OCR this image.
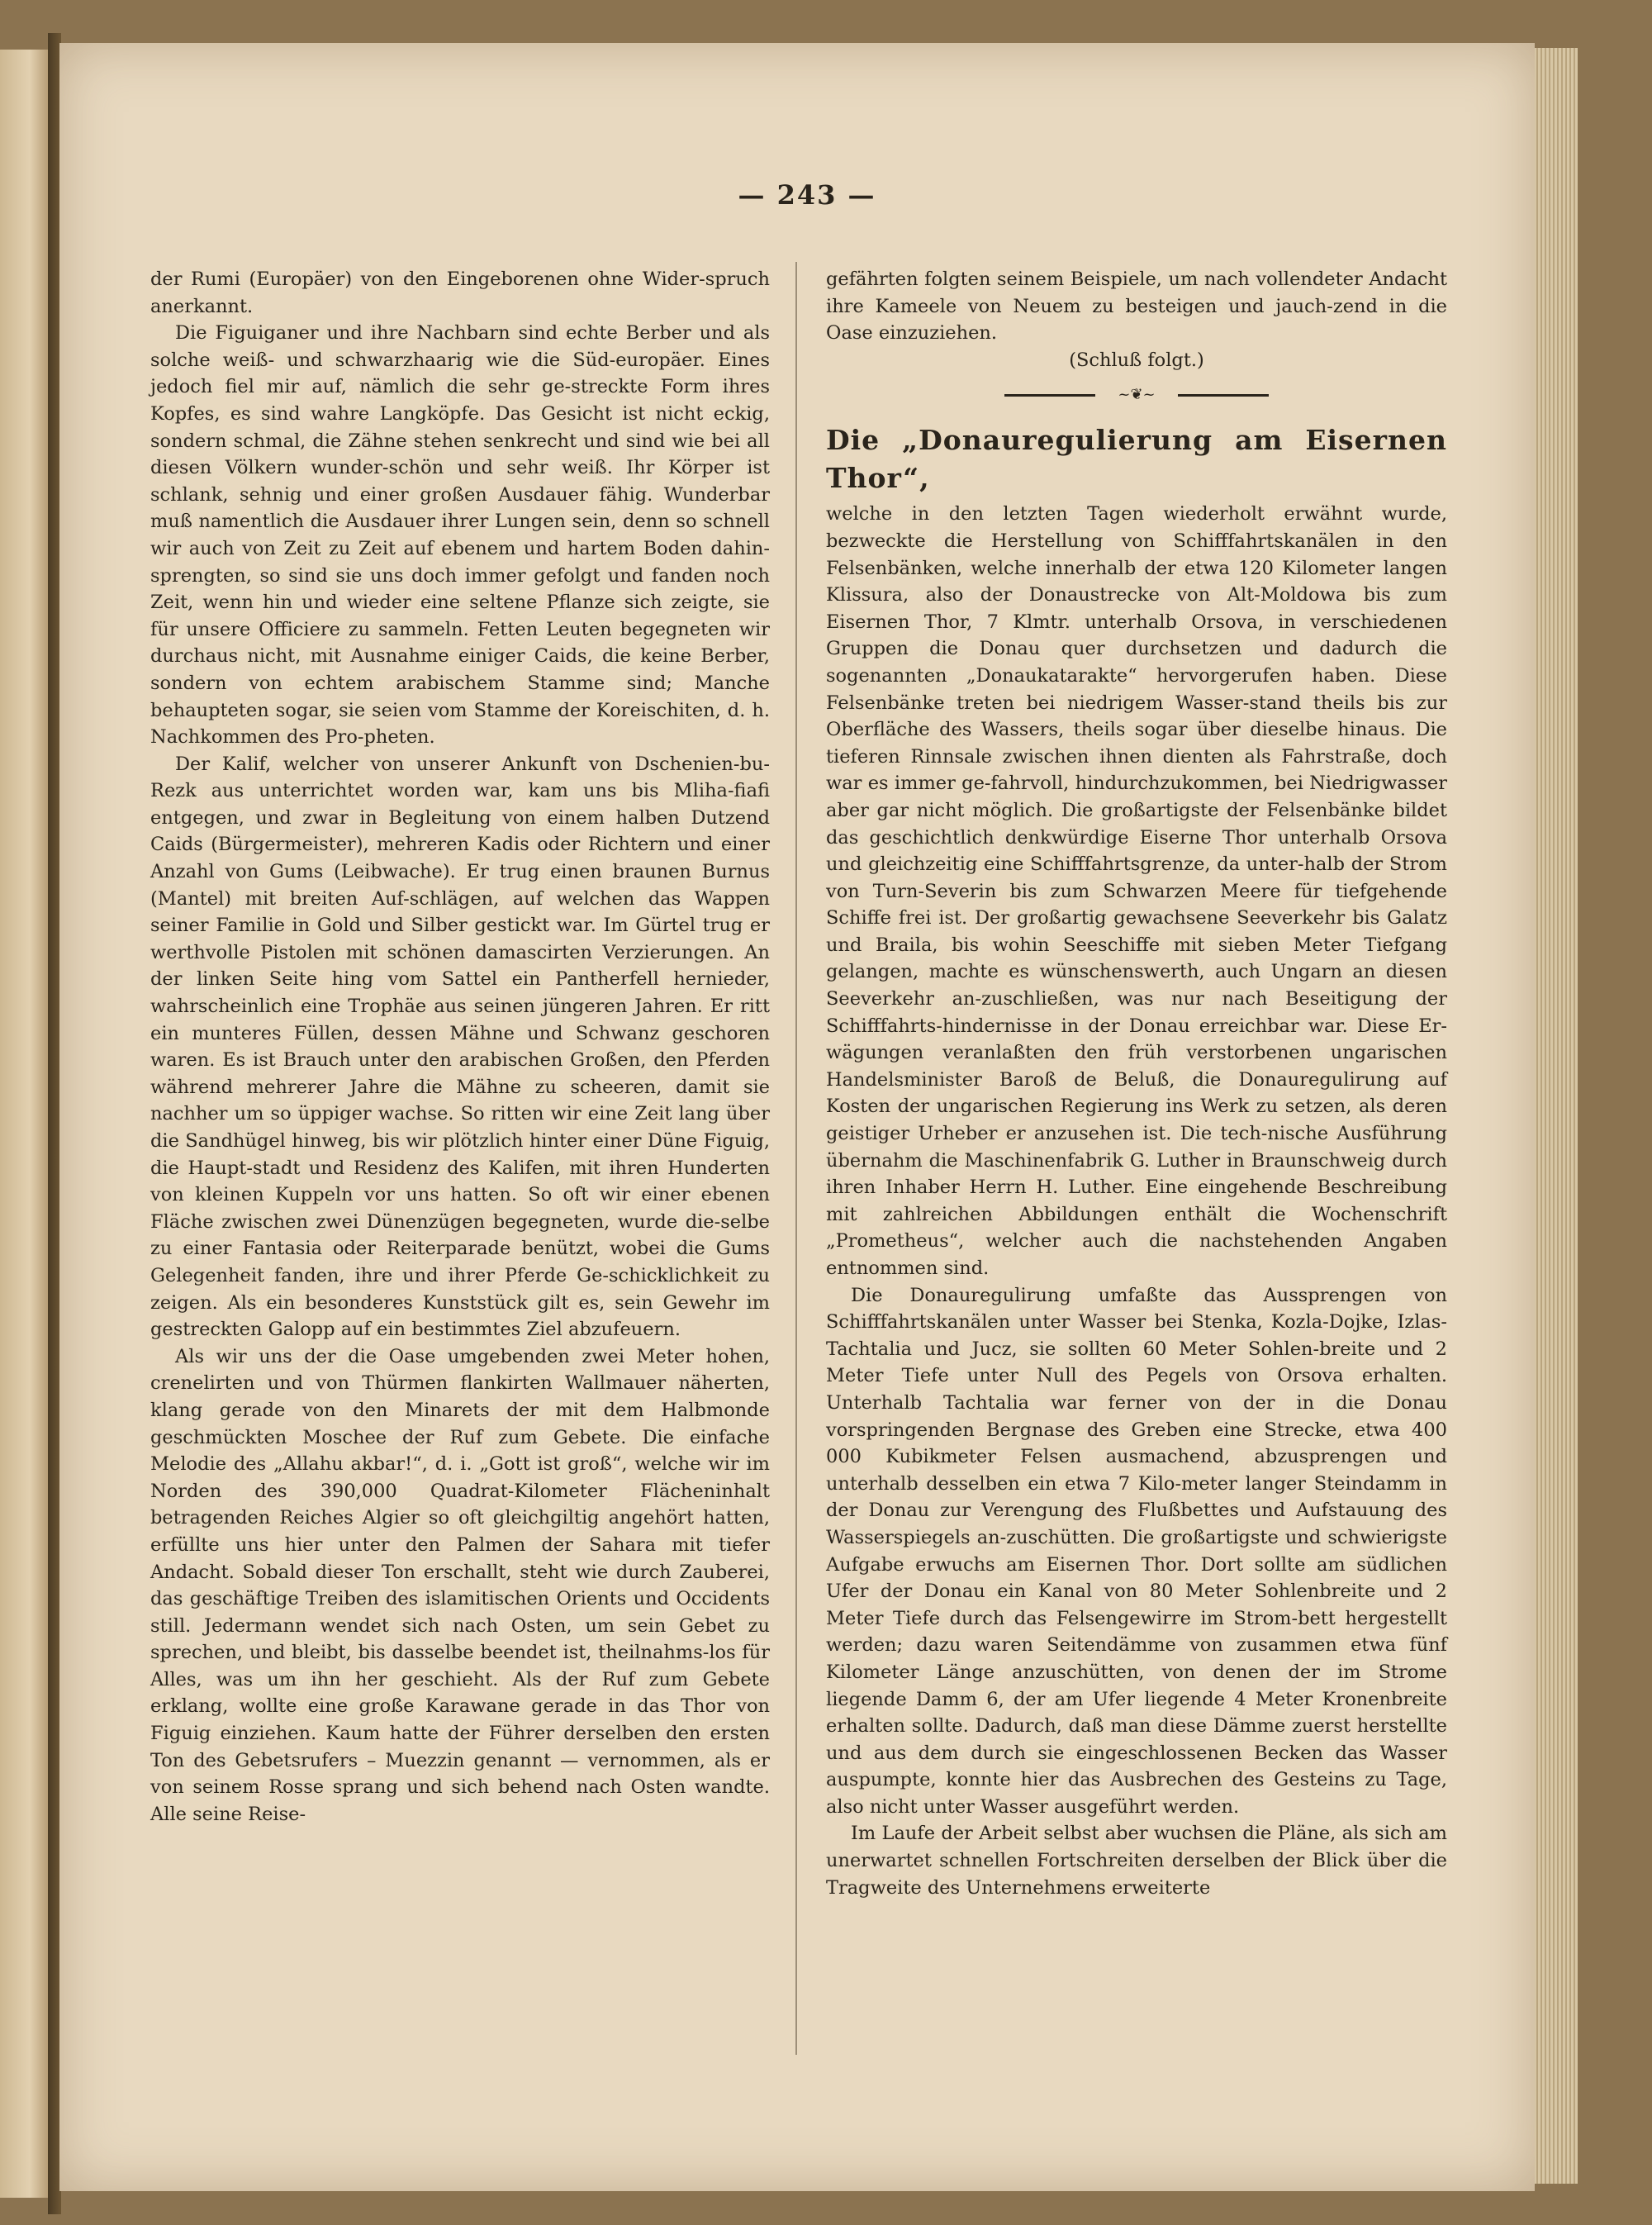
— 243 —

der Rumi (Europäer) von den Eingeborenen ohne Wider-spruch anerkannt.

Die Figuiganer und ihre Nachbarn sind echte Berber und als solche weiß- und schwarzhaarig wie die Süd-europäer. Eines jedoch fiel mir auf, nämlich die sehr ge-streckte Form ihres Kopfes, es sind wahre Langköpfe. Das Gesicht ist nicht eckig, sondern schmal, die Zähne stehen senkrecht und sind wie bei all diesen Völkern wunder-schön und sehr weiß. Ihr Körper ist schlank, sehnig und einer großen Ausdauer fähig. Wunderbar muß namentlich die Ausdauer ihrer Lungen sein, denn so schnell wir auch von Zeit zu Zeit auf ebenem und hartem Boden dahin-sprengten, so sind sie uns doch immer gefolgt und fanden noch Zeit, wenn hin und wieder eine seltene Pflanze sich zeigte, sie für unsere Officiere zu sammeln. Fetten Leuten begegneten wir durchaus nicht, mit Ausnahme einiger Caids, die keine Berber, sondern von echtem arabischem Stamme sind; Manche behaupteten sogar, sie seien vom Stamme der Koreischiten, d. h. Nachkommen des Pro-pheten.

Der Kalif, welcher von unserer Ankunft von Dschenien-bu-Rezk aus unterrichtet worden war, kam uns bis Mliha-fiafi entgegen, und zwar in Begleitung von einem halben Dutzend Caids (Bürgermeister), mehreren Kadis oder Richtern und einer Anzahl von Gums (Leibwache). Er trug einen braunen Burnus (Mantel) mit breiten Auf-schlägen, auf welchen das Wappen seiner Familie in Gold und Silber gestickt war. Im Gürtel trug er werthvolle Pistolen mit schönen damascirten Verzierungen. An der linken Seite hing vom Sattel ein Pantherfell hernieder, wahrscheinlich eine Trophäe aus seinen jüngeren Jahren. Er ritt ein munteres Füllen, dessen Mähne und Schwanz geschoren waren. Es ist Brauch unter den arabischen Großen, den Pferden während mehrerer Jahre die Mähne zu scheeren, damit sie nachher um so üppiger wachse. So ritten wir eine Zeit lang über die Sandhügel hinweg, bis wir plötzlich hinter einer Düne Figuig, die Haupt-stadt und Residenz des Kalifen, mit ihren Hunderten von kleinen Kuppeln vor uns hatten. So oft wir einer ebenen Fläche zwischen zwei Dünenzügen begegneten, wurde die-selbe zu einer Fantasia oder Reiterparade benützt, wobei die Gums Gelegenheit fanden, ihre und ihrer Pferde Ge-schicklichkeit zu zeigen. Als ein besonderes Kunststück gilt es, sein Gewehr im gestreckten Galopp auf ein bestimmtes Ziel abzufeuern.

Als wir uns der die Oase umgebenden zwei Meter hohen, crenelirten und von Thürmen flankirten Wallmauer näherten, klang gerade von den Minarets der mit dem Halbmonde geschmückten Moschee der Ruf zum Gebete. Die einfache Melodie des „Allahu akbar!“, d. i. „Gott ist groß“, welche wir im Norden des 390,000 Quadrat-Kilometer Flächeninhalt betragenden Reiches Algier so oft gleichgiltig angehört hatten, erfüllte uns hier unter den Palmen der Sahara mit tiefer Andacht. Sobald dieser Ton erschallt, steht wie durch Zauberei, das geschäftige Treiben des islamitischen Orients und Occidents still. Jedermann wendet sich nach Osten, um sein Gebet zu sprechen, und bleibt, bis dasselbe beendet ist, theilnahms-los für Alles, was um ihn her geschieht. Als der Ruf zum Gebete erklang, wollte eine große Karawane gerade in das Thor von Figuig einziehen. Kaum hatte der Führer derselben den ersten Ton des Gebetsrufers – Muezzin genannt — vernommen, als er von seinem Rosse sprang und sich behend nach Osten wandte. Alle seine Reise-

gefährten folgten seinem Beispiele, um nach vollendeter Andacht ihre Kameele von Neuem zu besteigen und jauch-zend in die Oase einzuziehen.

(Schluß folgt.)

~❦~
Die „Donauregulierung am Eisernen Thor“,

welche in den letzten Tagen wiederholt erwähnt wurde, bezweckte die Herstellung von Schifffahrtskanälen in den Felsenbänken, welche innerhalb der etwa 120 Kilometer langen Klissura, also der Donaustrecke von Alt-Moldowa bis zum Eisernen Thor, 7 Klmtr. unterhalb Orsova, in verschiedenen Gruppen die Donau quer durchsetzen und dadurch die sogenannten „Donaukatarakte“ hervorgerufen haben. Diese Felsenbänke treten bei niedrigem Wasser-stand theils bis zur Oberfläche des Wassers, theils sogar über dieselbe hinaus. Die tieferen Rinnsale zwischen ihnen dienten als Fahrstraße, doch war es immer ge-fahrvoll, hindurchzukommen, bei Niedrigwasser aber gar nicht möglich. Die großartigste der Felsenbänke bildet das geschichtlich denkwürdige Eiserne Thor unterhalb Orsova und gleichzeitig eine Schifffahrtsgrenze, da unter-halb der Strom von Turn-Severin bis zum Schwarzen Meere für tiefgehende Schiffe frei ist. Der großartig gewachsene Seeverkehr bis Galatz und Braila, bis wohin Seeschiffe mit sieben Meter Tiefgang gelangen, machte es wünschenswerth, auch Ungarn an diesen Seeverkehr an-zuschließen, was nur nach Beseitigung der Schifffahrts-hindernisse in der Donau erreichbar war. Diese Er-wägungen veranlaßten den früh verstorbenen ungarischen Handelsminister Baroß de Beluß, die Donauregulirung auf Kosten der ungarischen Regierung ins Werk zu setzen, als deren geistiger Urheber er anzusehen ist. Die tech-nische Ausführung übernahm die Maschinenfabrik G. Luther in Braunschweig durch ihren Inhaber Herrn H. Luther. Eine eingehende Beschreibung mit zahlreichen Abbildungen enthält die Wochenschrift „Prometheus“, welcher auch die nachstehenden Angaben entnommen sind.

Die Donauregulirung umfaßte das Aussprengen von Schifffahrtskanälen unter Wasser bei Stenka, Kozla-Dojke, Izlas-Tachtalia und Jucz, sie sollten 60 Meter Sohlen-breite und 2 Meter Tiefe unter Null des Pegels von Orsova erhalten. Unterhalb Tachtalia war ferner von der in die Donau vorspringenden Bergnase des Greben eine Strecke, etwa 400 000 Kubikmeter Felsen ausmachend, abzusprengen und unterhalb desselben ein etwa 7 Kilo-meter langer Steindamm in der Donau zur Verengung des Flußbettes und Aufstauung des Wasserspiegels an-zuschütten. Die großartigste und schwierigste Aufgabe erwuchs am Eisernen Thor. Dort sollte am südlichen Ufer der Donau ein Kanal von 80 Meter Sohlenbreite und 2 Meter Tiefe durch das Felsengewirre im Strom-bett hergestellt werden; dazu waren Seitendämme von zusammen etwa fünf Kilometer Länge anzuschütten, von denen der im Strome liegende Damm 6, der am Ufer liegende 4 Meter Kronenbreite erhalten sollte. Dadurch, daß man diese Dämme zuerst herstellte und aus dem durch sie eingeschlossenen Becken das Wasser auspumpte, konnte hier das Ausbrechen des Gesteins zu Tage, also nicht unter Wasser ausgeführt werden.

Im Laufe der Arbeit selbst aber wuchsen die Pläne, als sich am unerwartet schnellen Fortschreiten derselben der Blick über die Tragweite des Unternehmens erweiterte
